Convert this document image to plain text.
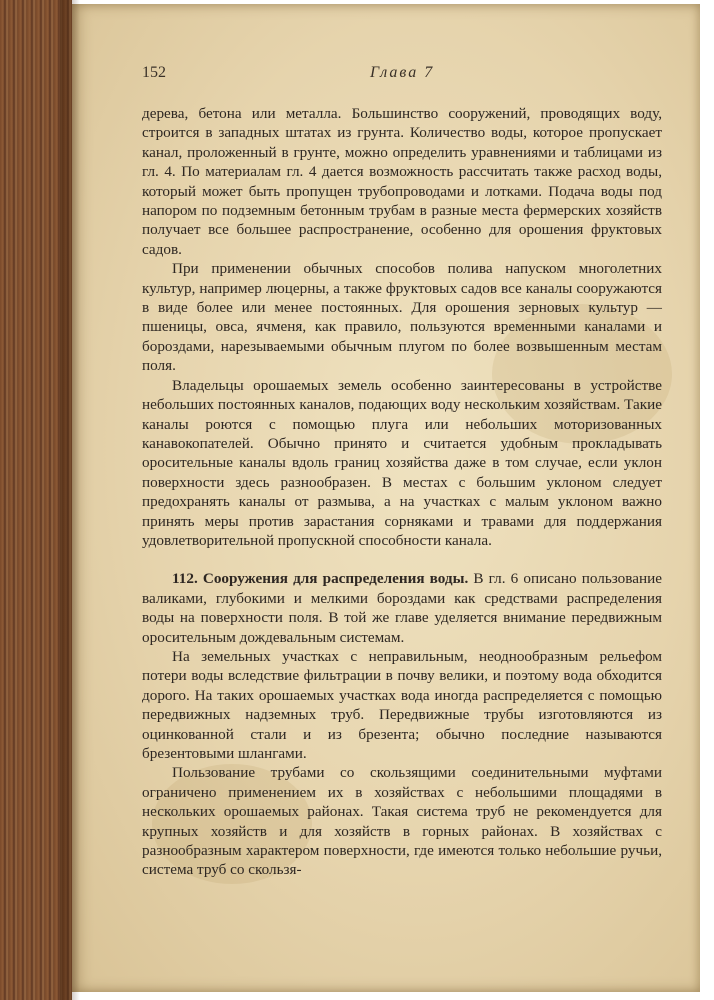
152	Глава 7

дерева, бетона или металла. Большинство сооружений, проводящих воду, строится в западных штатах из грунта. Количество воды, которое пропускает канал, проложенный в грунте, можно определить уравнениями и таблицами из гл. 4. По материалам гл. 4 дается возможность рассчитать также расход воды, который может быть пропущен трубопроводами и лотками. Подача воды под напором по подземным бетонным трубам в разные места фермерских хозяйств получает все большее распространение, особенно для орошения фруктовых садов.

При применении обычных способов полива напуском многолетних культур, например люцерны, а также фруктовых садов все каналы сооружаются в виде более или менее постоянных. Для орошения зерновых культур — пшеницы, овса, ячменя, как правило, пользуются временными каналами и бороздами, нарезываемыми обычным плугом по более возвышенным местам поля.

Владельцы орошаемых земель особенно заинтересованы в устройстве небольших постоянных каналов, подающих воду нескольким хозяйствам. Такие каналы роются с помощью плуга или небольших моторизованных канавокопателей. Обычно принято и считается удобным прокладывать оросительные каналы вдоль границ хозяйства даже в том случае, если уклон поверхности здесь разнообразен. В местах с большим уклоном следует предохранять каналы от размыва, а на участках с малым уклоном важно принять меры против зарастания сорняками и травами для поддержания удовлетворительной пропускной способности канала.

112. Сооружения для распределения воды. В гл. 6 описано пользование валиками, глубокими и мелкими бороздами как средствами распределения воды на поверхности поля. В той же главе уделяется внимание передвижным оросительным дождевальным системам.

На земельных участках с неправильным, неоднообразным рельефом потери воды вследствие фильтрации в почву велики, и поэтому вода обходится дорого. На таких орошаемых участках вода иногда распределяется с помощью передвижных надземных труб. Передвижные трубы изготовляются из оцинкованной стали и из брезента; обычно последние называются брезентовыми шлангами.

Пользование трубами со скользящими соединительными муфтами ограничено применением их в хозяйствах с небольшими площадями в нескольких орошаемых районах. Такая система труб не рекомендуется для крупных хозяйств и для хозяйств в горных районах. В хозяйствах с разнообразным характером поверхности, где имеются только небольшие ручьи, система труб со скользя-
